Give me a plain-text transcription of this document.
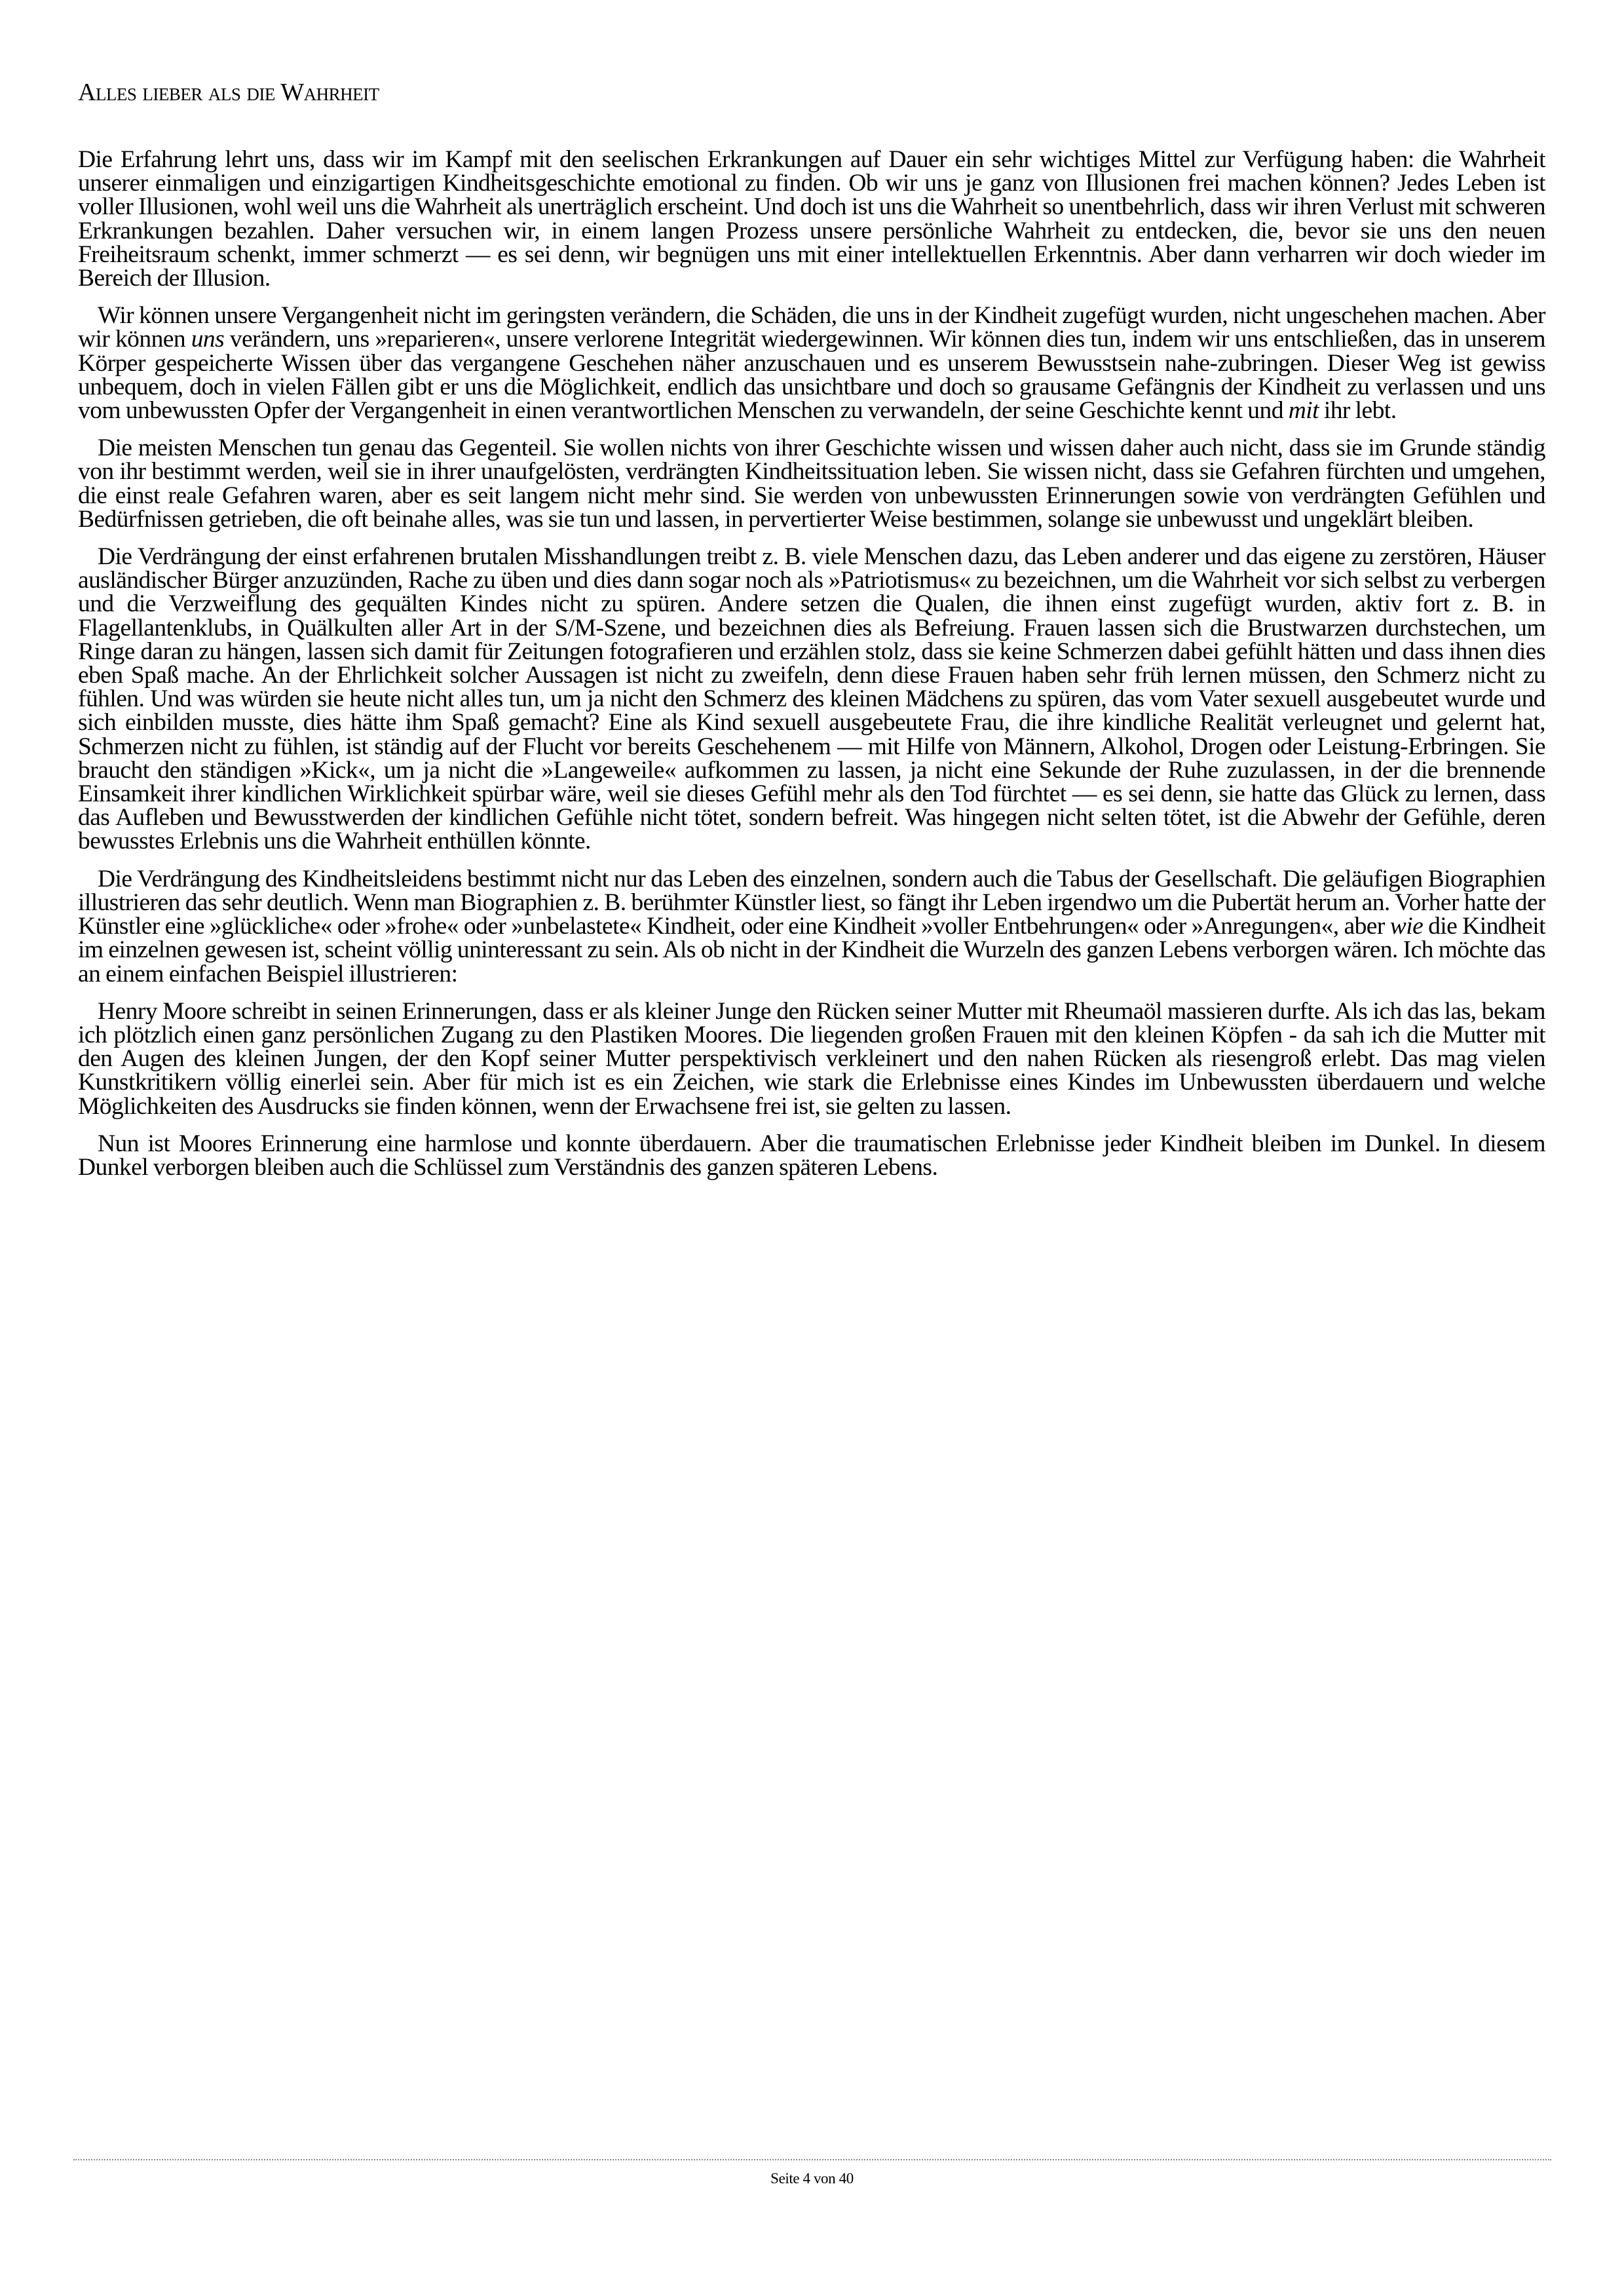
Alles lieber als die Wahrheit

Die Erfahrung lehrt uns, dass wir im Kampf mit den seelischen Erkrankungen auf Dauer ein sehr wichtiges Mittel zur Verfügung haben: die Wahrheit unserer einmaligen und einzigartigen Kindheitsgeschichte emotional zu finden. Ob wir uns je ganz von Illusionen frei machen können? Jedes Leben ist voller Illusionen, wohl weil uns die Wahrheit als unerträglich erscheint. Und doch ist uns die Wahrheit so unentbehrlich, dass wir ihren Verlust mit schweren Erkrankungen bezahlen. Daher versuchen wir, in einem langen Prozess unsere persönliche Wahrheit zu entdecken, die, bevor sie uns den neuen Freiheitsraum schenkt, immer schmerzt — es sei denn, wir begnügen uns mit einer intellektuellen Erkenntnis. Aber dann verharren wir doch wieder im Bereich der Illusion.

Wir können unsere Vergangenheit nicht im geringsten verändern, die Schäden, die uns in der Kindheit zugefügt wurden, nicht ungeschehen machen. Aber wir können uns verändern, uns »reparieren«, unsere verlorene Integrität wiedergewinnen. Wir können dies tun, indem wir uns entschließen, das in unserem Körper gespeicherte Wissen über das vergangene Geschehen näher anzuschauen und es unserem Bewusstsein nahe-zubringen. Dieser Weg ist gewiss unbequem, doch in vielen Fällen gibt er uns die Möglichkeit, endlich das unsichtbare und doch so grausame Gefängnis der Kindheit zu verlassen und uns vom unbewussten Opfer der Vergangenheit in einen verantwortlichen Menschen zu verwandeln, der seine Geschichte kennt und mit ihr lebt.

Die meisten Menschen tun genau das Gegenteil. Sie wollen nichts von ihrer Geschichte wissen und wissen daher auch nicht, dass sie im Grunde ständig von ihr bestimmt werden, weil sie in ihrer unaufgelösten, verdrängten Kindheitssituation leben. Sie wissen nicht, dass sie Gefahren fürchten und umgehen, die einst reale Gefahren waren, aber es seit langem nicht mehr sind. Sie werden von unbewussten Erinnerungen sowie von verdrängten Gefühlen und Bedürfnissen getrieben, die oft beinahe alles, was sie tun und lassen, in pervertierter Weise bestimmen, solange sie unbewusst und ungeklärt bleiben.

Die Verdrängung der einst erfahrenen brutalen Misshandlungen treibt z. B. viele Menschen dazu, das Leben anderer und das eigene zu zerstören, Häuser ausländischer Bürger anzuzünden, Rache zu üben und dies dann sogar noch als »Patriotismus« zu bezeichnen, um die Wahrheit vor sich selbst zu verbergen und die Verzweiflung des gequälten Kindes nicht zu spüren. Andere setzen die Qualen, die ihnen einst zugefügt wurden, aktiv fort z. B. in Flagellantenklubs, in Quälkulten aller Art in der S/M-Szene, und bezeichnen dies als Befreiung. Frauen lassen sich die Brustwarzen durchstechen, um Ringe daran zu hängen, lassen sich damit für Zeitungen fotografieren und erzählen stolz, dass sie keine Schmerzen dabei gefühlt hätten und dass ihnen dies eben Spaß mache. An der Ehrlichkeit solcher Aussagen ist nicht zu zweifeln, denn diese Frauen haben sehr früh lernen müssen, den Schmerz nicht zu fühlen. Und was würden sie heute nicht alles tun, um ja nicht den Schmerz des kleinen Mädchens zu spüren, das vom Vater sexuell ausgebeutet wurde und sich einbilden musste, dies hätte ihm Spaß gemacht? Eine als Kind sexuell ausgebeutete Frau, die ihre kindliche Realität verleugnet und gelernt hat, Schmerzen nicht zu fühlen, ist ständig auf der Flucht vor bereits Geschehenem — mit Hilfe von Männern, Alkohol, Drogen oder Leistung-Erbringen. Sie braucht den ständigen »Kick«, um ja nicht die »Langeweile« aufkommen zu lassen, ja nicht eine Sekunde der Ruhe zuzulassen, in der die brennende Einsamkeit ihrer kindlichen Wirklichkeit spürbar wäre, weil sie dieses Gefühl mehr als den Tod fürchtet — es sei denn, sie hatte das Glück zu lernen, dass das Aufleben und Bewusstwerden der kindlichen Gefühle nicht tötet, sondern befreit. Was hingegen nicht selten tötet, ist die Abwehr der Gefühle, deren bewusstes Erlebnis uns die Wahrheit enthüllen könnte.

Die Verdrängung des Kindheitsleidens bestimmt nicht nur das Leben des einzelnen, sondern auch die Tabus der Gesellschaft. Die geläufigen Biographien illustrieren das sehr deutlich. Wenn man Biographien z. B. berühmter Künstler liest, so fängt ihr Leben irgendwo um die Pubertät herum an. Vorher hatte der Künstler eine »glückliche« oder »frohe« oder »unbelastete« Kindheit, oder eine Kindheit »voller Entbehrungen« oder »Anregungen«, aber wie die Kindheit im einzelnen gewesen ist, scheint völlig uninteressant zu sein. Als ob nicht in der Kindheit die Wurzeln des ganzen Lebens verborgen wären. Ich möchte das an einem einfachen Beispiel illustrieren:

Henry Moore schreibt in seinen Erinnerungen, dass er als kleiner Junge den Rücken seiner Mutter mit Rheumaöl massieren durfte. Als ich das las, bekam ich plötzlich einen ganz persönlichen Zugang zu den Plastiken Moores. Die liegenden großen Frauen mit den kleinen Köpfen - da sah ich die Mutter mit den Augen des kleinen Jungen, der den Kopf seiner Mutter perspektivisch verkleinert und den nahen Rücken als riesengroß erlebt. Das mag vielen Kunstkritikern völlig einerlei sein. Aber für mich ist es ein Zeichen, wie stark die Erlebnisse eines Kindes im Unbewussten überdauern und welche Möglichkeiten des Ausdrucks sie finden können, wenn der Erwachsene frei ist, sie gelten zu lassen.

Nun ist Moores Erinnerung eine harmlose und konnte überdauern. Aber die traumatischen Erlebnisse jeder Kindheit bleiben im Dunkel. In diesem Dunkel verborgen bleiben auch die Schlüssel zum Verständnis des ganzen späteren Lebens.

Seite 4 von 40
